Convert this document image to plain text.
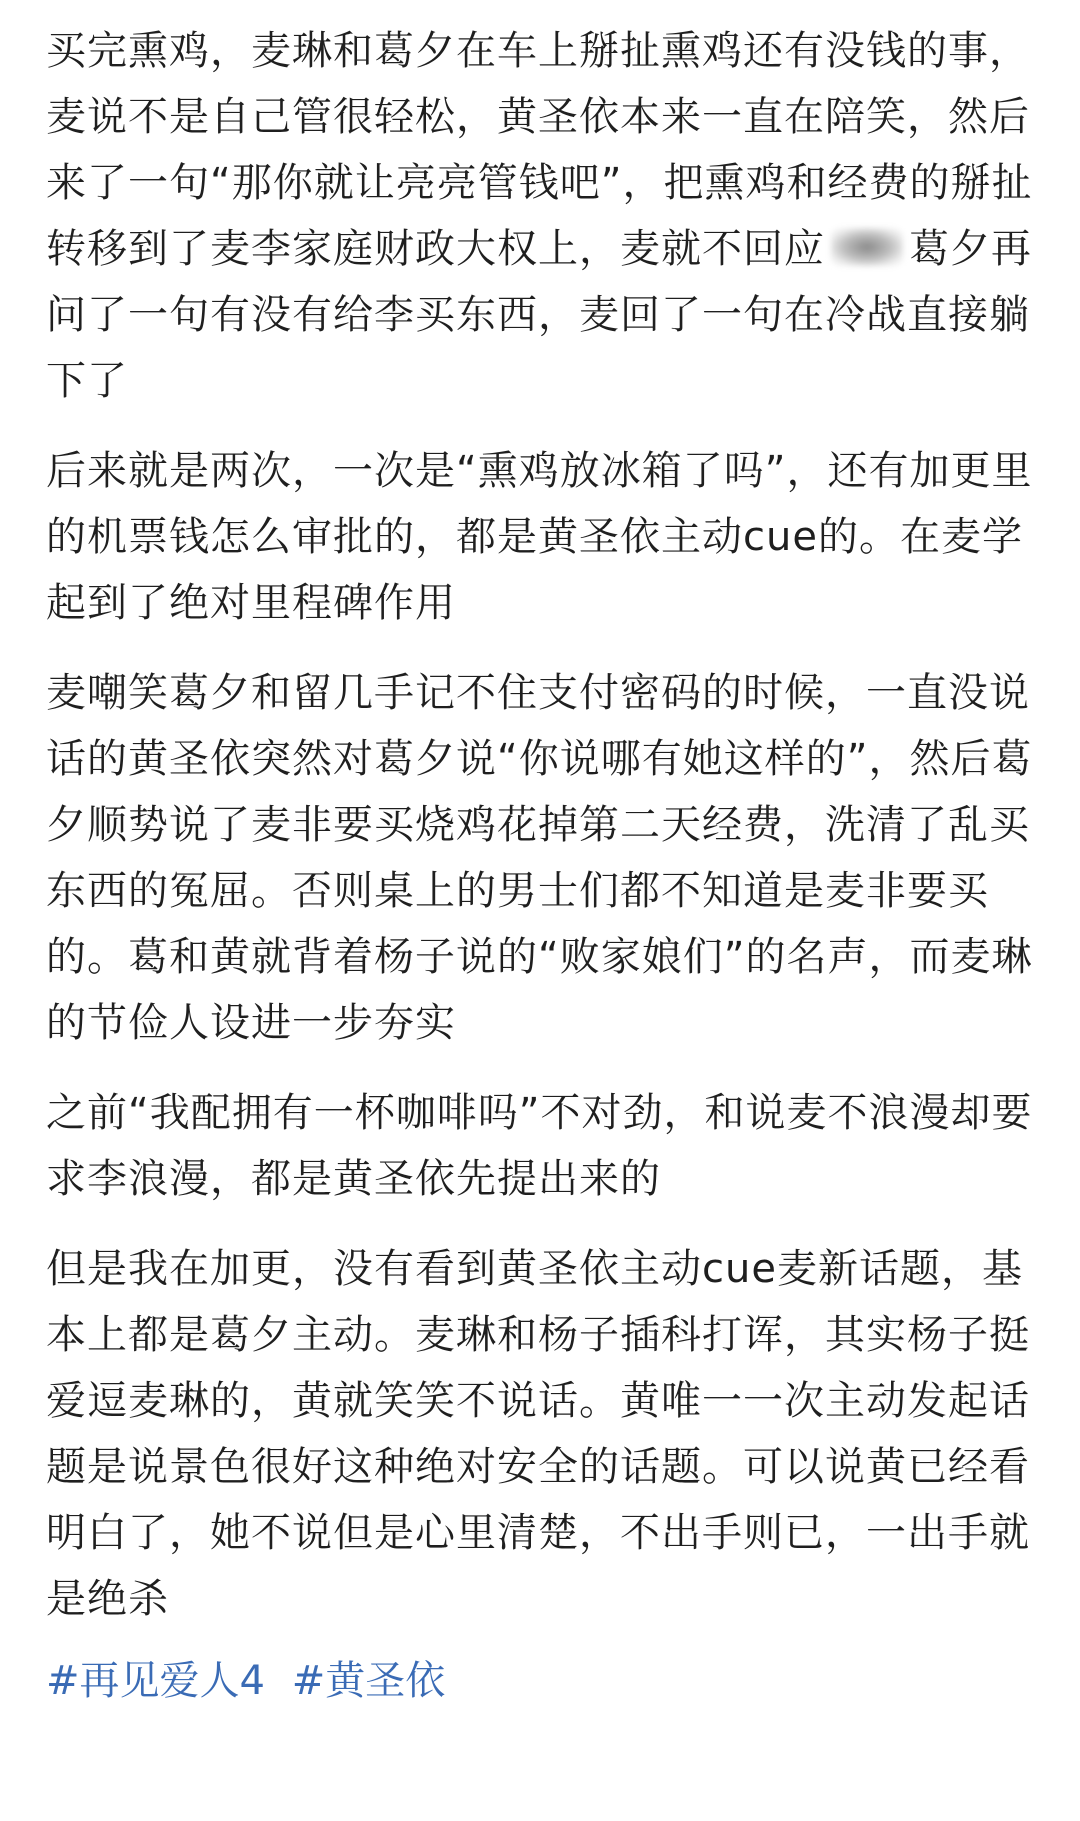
买完熏鸡，麦琳和葛夕在车上掰扯熏鸡还有没钱的事，麦说不是自己管很轻松，黄圣依本来一直在陪笑，然后来了一句“那你就让亮亮管钱吧”，把熏鸡和经费的掰扯转移到了麦李家庭财政大权上，麦就不回应 葛夕再问了一句有没有给李买东西，麦回了一句在冷战直接躺下了

后来就是两次，一次是“熏鸡放冰箱了吗”，还有加更里的机票钱怎么审批的，都是黄圣依主动cue的。在麦学起到了绝对里程碑作用

麦嘲笑葛夕和留几手记不住支付密码的时候，一直没说话的黄圣依突然对葛夕说“你说哪有她这样的”，然后葛夕顺势说了麦非要买烧鸡花掉第二天经费，洗清了乱买东西的冤屈。否则桌上的男士们都不知道是麦非要买的。葛和黄就背着杨子说的“败家娘们”的名声，而麦琳的节俭人设进一步夯实

之前“我配拥有一杯咖啡吗”不对劲，和说麦不浪漫却要求李浪漫，都是黄圣依先提出来的

但是我在加更，没有看到黄圣依主动cue麦新话题，基本上都是葛夕主动。麦琳和杨子插科打诨，其实杨子挺爱逗麦琳的，黄就笑笑不说话。黄唯一一次主动发起话题是说景色很好这种绝对安全的话题。可以说黄已经看明白了，她不说但是心里清楚，不出手则已，一出手就是绝杀

#再见爱人4 #黄圣依
